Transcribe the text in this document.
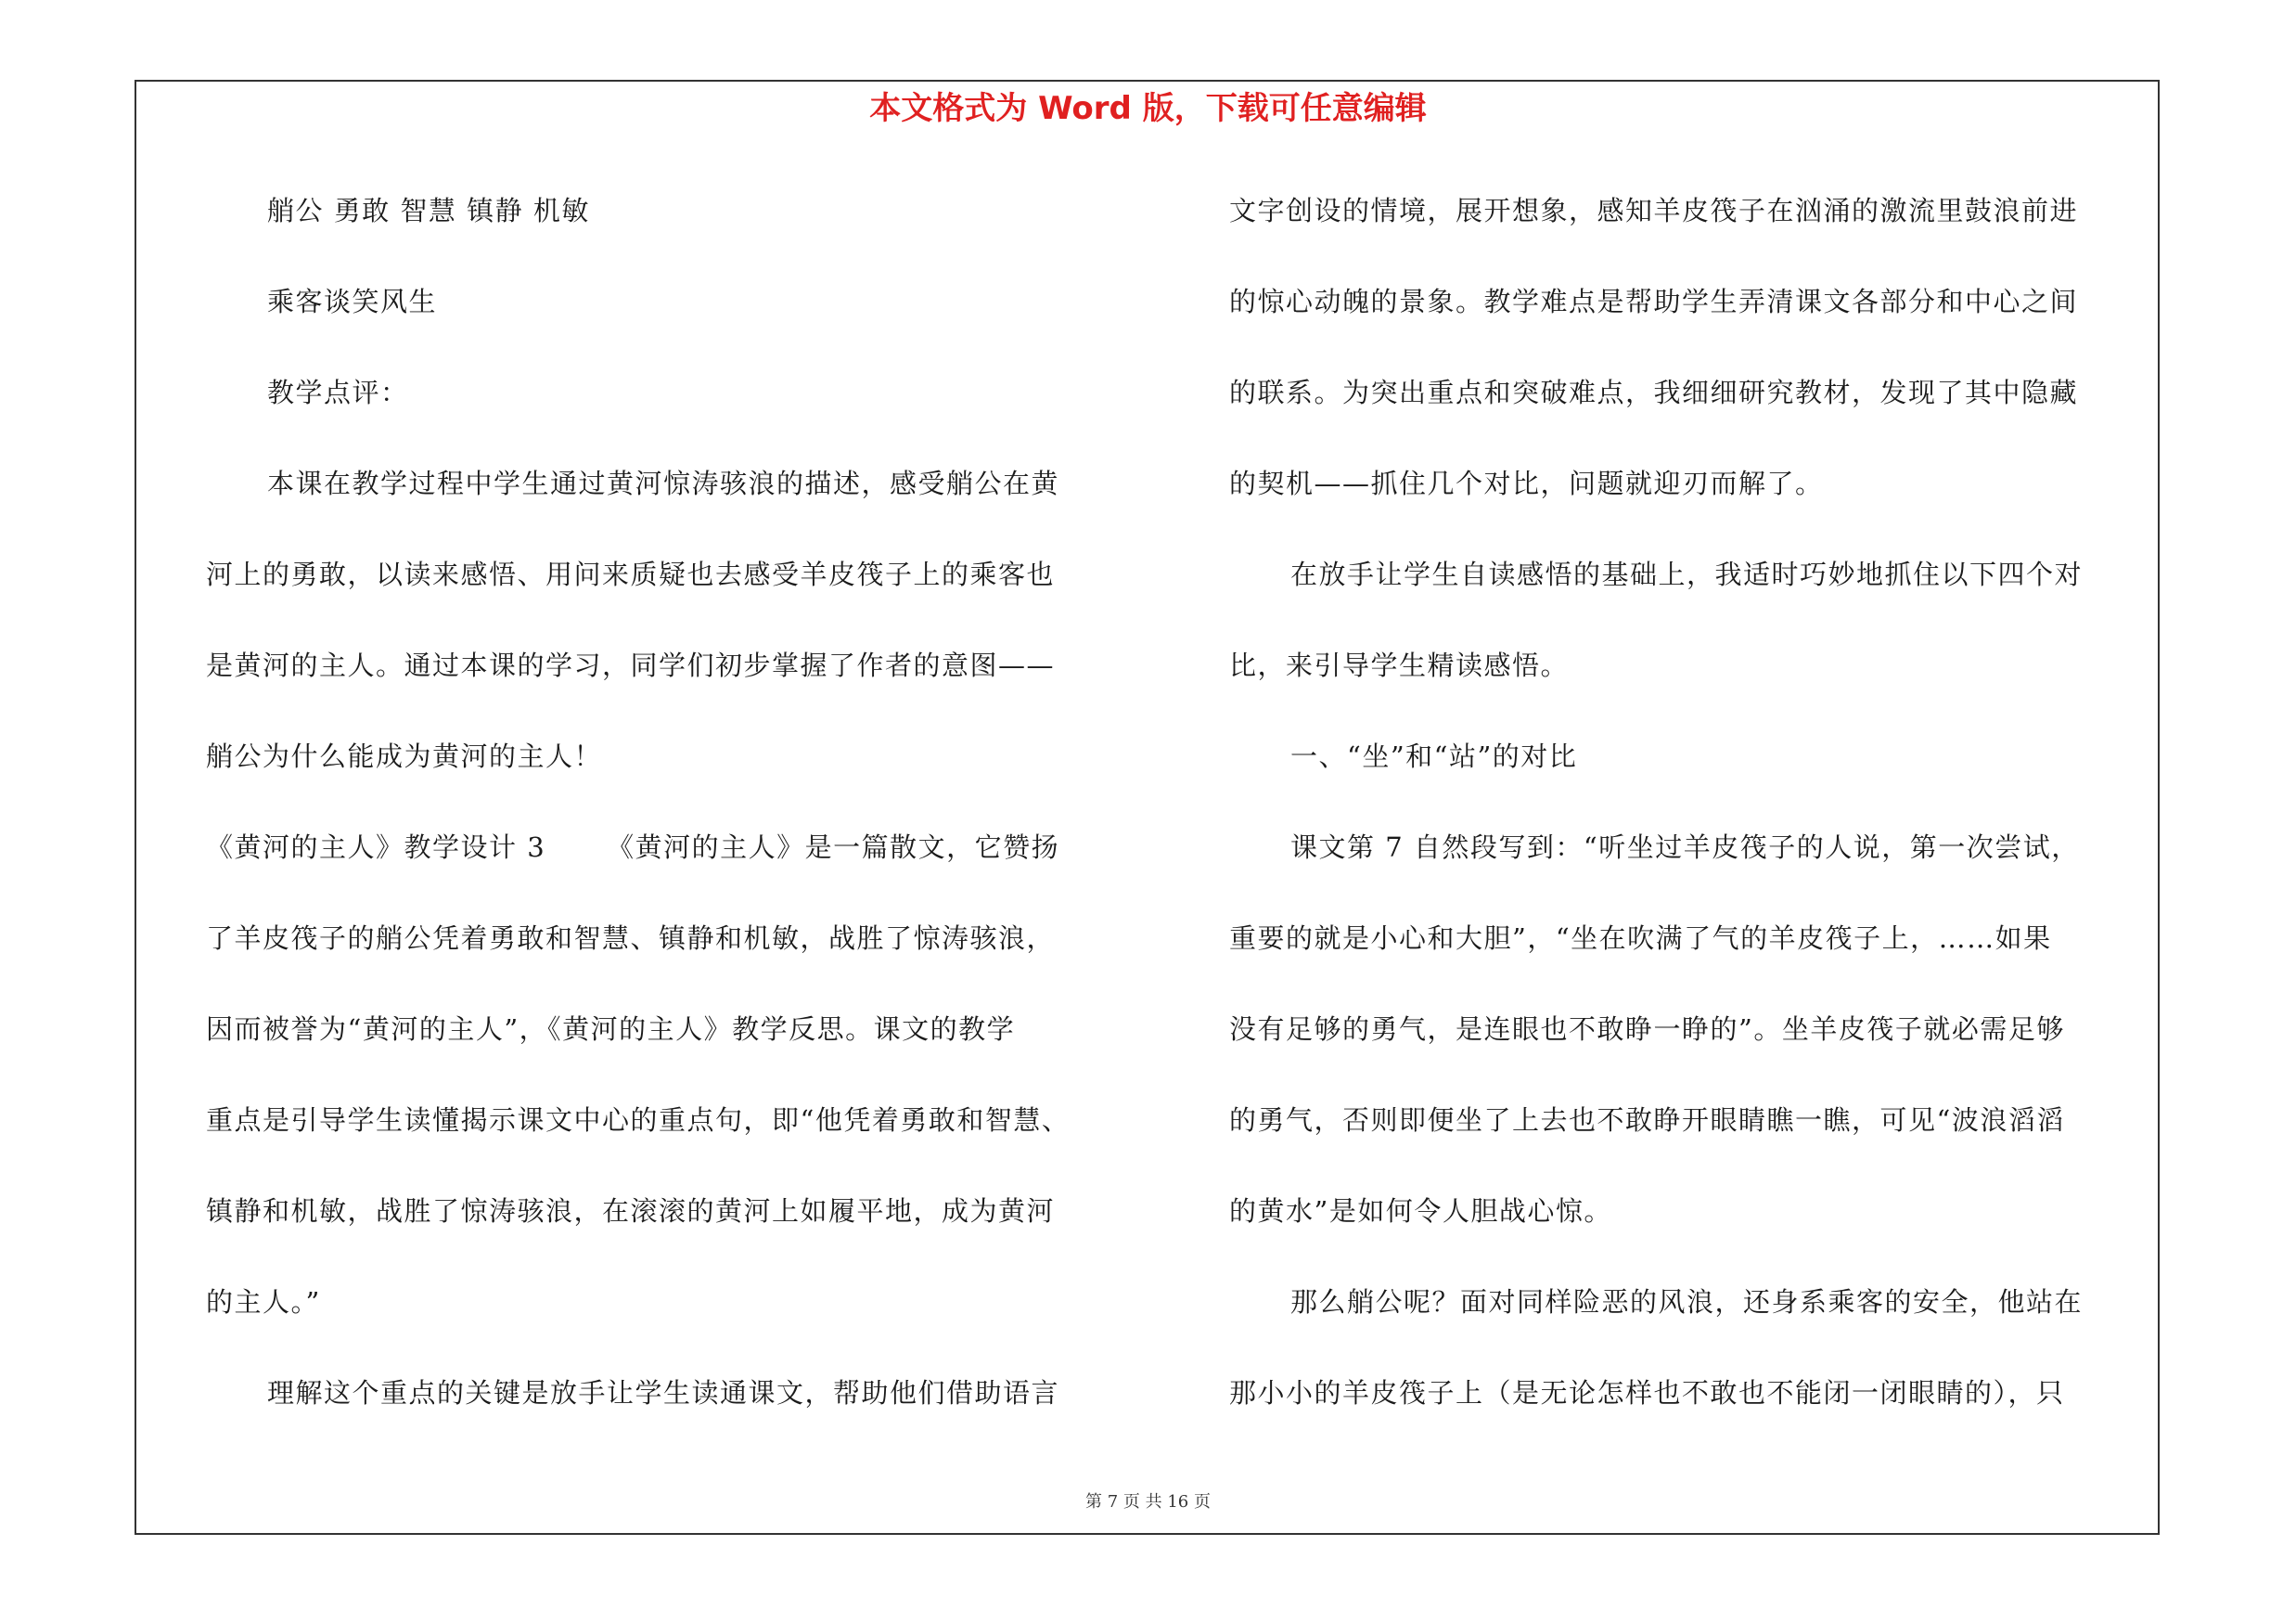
本文格式为 Word 版，下载可任意编辑
艄公 勇敢 智慧 镇静 机敏
乘客谈笑风生
教学点评：
本课在教学过程中学生通过黄河惊涛骇浪的描述，感受艄公在黄
河上的勇敢，以读来感悟、用问来质疑也去感受羊皮筏子上的乘客也
是黄河的主人。通过本课的学习，同学们初步掌握了作者的意图——
艄公为什么能成为黄河的主人！
《黄河的主人》教学设计 3 《黄河的主人》是一篇散文，它赞扬
了羊皮筏子的艄公凭着勇敢和智慧、镇静和机敏，战胜了惊涛骇浪，
因而被誉为“黄河的主人”，《黄河的主人》教学反思。课文的教学
重点是引导学生读懂揭示课文中心的重点句，即“他凭着勇敢和智慧、
镇静和机敏，战胜了惊涛骇浪，在滚滚的黄河上如履平地，成为黄河
的主人。”
理解这个重点的关键是放手让学生读通课文，帮助他们借助语言
文字创设的情境，展开想象，感知羊皮筏子在汹涌的激流里鼓浪前进
的惊心动魄的景象。教学难点是帮助学生弄清课文各部分和中心之间
的联系。为突出重点和突破难点，我细细研究教材，发现了其中隐藏
的契机——抓住几个对比，问题就迎刃而解了。
在放手让学生自读感悟的基础上，我适时巧妙地抓住以下四个对
比，来引导学生精读感悟。
一、“坐”和“站”的对比
课文第 7 自然段写到：“听坐过羊皮筏子的人说，第一次尝试，
重要的就是小心和大胆”，“坐在吹满了气的羊皮筏子上，……如果
没有足够的勇气，是连眼也不敢睁一睁的”。坐羊皮筏子就必需足够
的勇气，否则即便坐了上去也不敢睁开眼睛瞧一瞧，可见“波浪滔滔
的黄水”是如何令人胆战心惊。
那么艄公呢？面对同样险恶的风浪，还身系乘客的安全，他站在
那小小的羊皮筏子上（是无论怎样也不敢也不能闭一闭眼睛的），只
第 7 页 共 16 页
